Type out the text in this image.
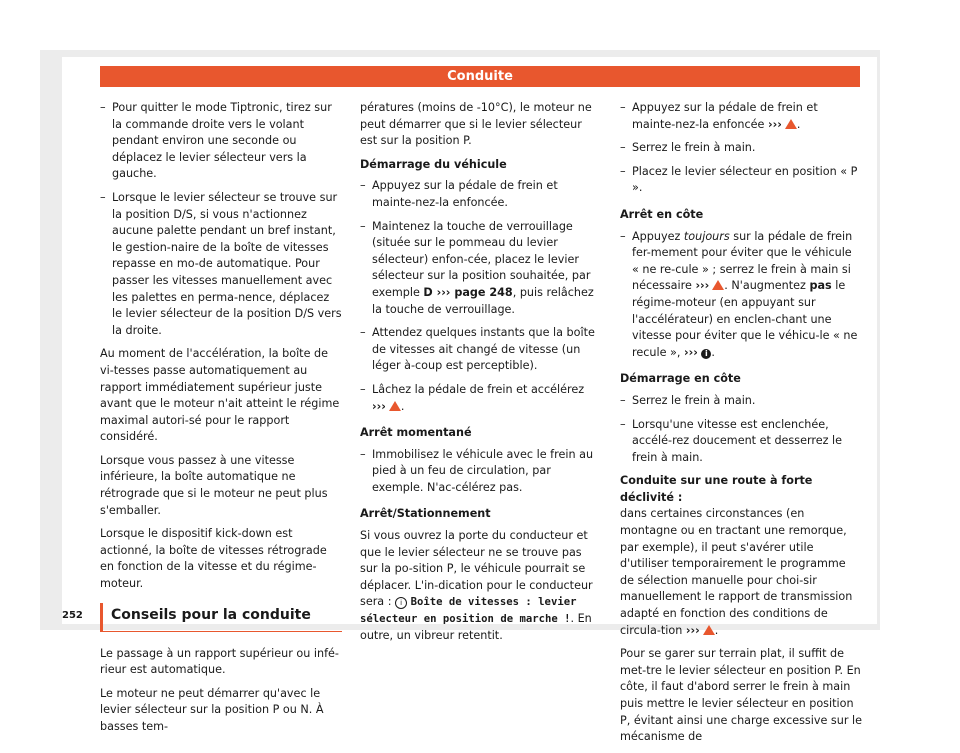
Conduite
– Pour quitter le mode Tiptronic, tirez sur la commande droite vers le volant pendant environ une seconde ou déplacez le levier sélecteur vers la gauche.
– Lorsque le levier sélecteur se trouve sur la position D/S, si vous n'actionnez aucune palette pendant un bref instant, le gestion-naire de la boîte de vitesses repasse en mo-de automatique. Pour passer les vitesses manuellement avec les palettes en perma-nence, déplacez le levier sélecteur de la position D/S vers la droite.

Au moment de l'accélération, la boîte de vi-tesses passe automatiquement au rapport immédiatement supérieur juste avant que le moteur n'ait atteint le régime maximal autori-sé pour le rapport considéré.

Lorsque vous passez à une vitesse inférieure, la boîte automatique ne rétrograde que si le moteur ne peut plus s'emballer.

Lorsque le dispositif kick-down est actionné, la boîte de vitesses rétrograde en fonction de la vitesse et du régime-moteur.

Conseils pour la conduite

Le passage à un rapport supérieur ou infé-rieur est automatique.

Le moteur ne peut démarrer qu'avec le levier sélecteur sur la position P ou N. À basses tem-

pératures (moins de -10°C), le moteur ne peut démarrer que si le levier sélecteur est sur la position P.

Démarrage du véhicule
– Appuyez sur la pédale de frein et mainte-nez-la enfoncée.
– Maintenez la touche de verrouillage (située sur le pommeau du levier sélecteur) enfon-cée, placez le levier sélecteur sur la position souhaitée, par exemple D ››› page 248, puis relâchez la touche de verrouillage.
– Attendez quelques instants que la boîte de vitesses ait changé de vitesse (un léger à-coup est perceptible).
– Lâchez la pédale de frein et accélérez
››› .
Arrêt momentané
– Immobilisez le véhicule avec le frein au pied à un feu de circulation, par exemple. N'ac-célérez pas.
Arrêt/Stationnement

Si vous ouvrez la porte du conducteur et que le levier sélecteur ne se trouve pas sur la po-sition P, le véhicule pourrait se déplacer. L'in-dication pour le conducteur sera : i Boîte de vitesses : levier sélecteur en position de marche !. En outre, un vibreur retentit.

– Appuyez sur la pédale de frein et mainte-nez-la enfoncée ››› .
– Serrez le frein à main.
– Placez le levier sélecteur en position « P ».
Arrêt en côte
– Appuyez toujours sur la pédale de frein fer-mement pour éviter que le véhicule « ne re-cule » ; serrez le frein à main si nécessaire ››› . N'augmentez pas le régime-moteur (en appuyant sur l'accélérateur) en enclen-chant une vitesse pour éviter que le véhicu-le « ne recule », ››› i .
Démarrage en côte
– Serrez le frein à main.
– Lorsqu'une vitesse est enclenchée, accélé-rez doucement et desserrez le frein à main.
Conduite sur une route à forte déclivité :

dans certaines circonstances (en montagne ou en tractant une remorque, par exemple), il peut s'avérer utile d'utiliser temporairement le programme de sélection manuelle pour choi-sir manuellement le rapport de transmission adapté en fonction des conditions de circula-tion ››› .

Pour se garer sur terrain plat, il suffit de met-tre le levier sélecteur en position P. En côte, il faut d'abord serrer le frein à main puis mettre le levier sélecteur en position P, évitant ainsi une charge excessive sur le mécanisme de

252
